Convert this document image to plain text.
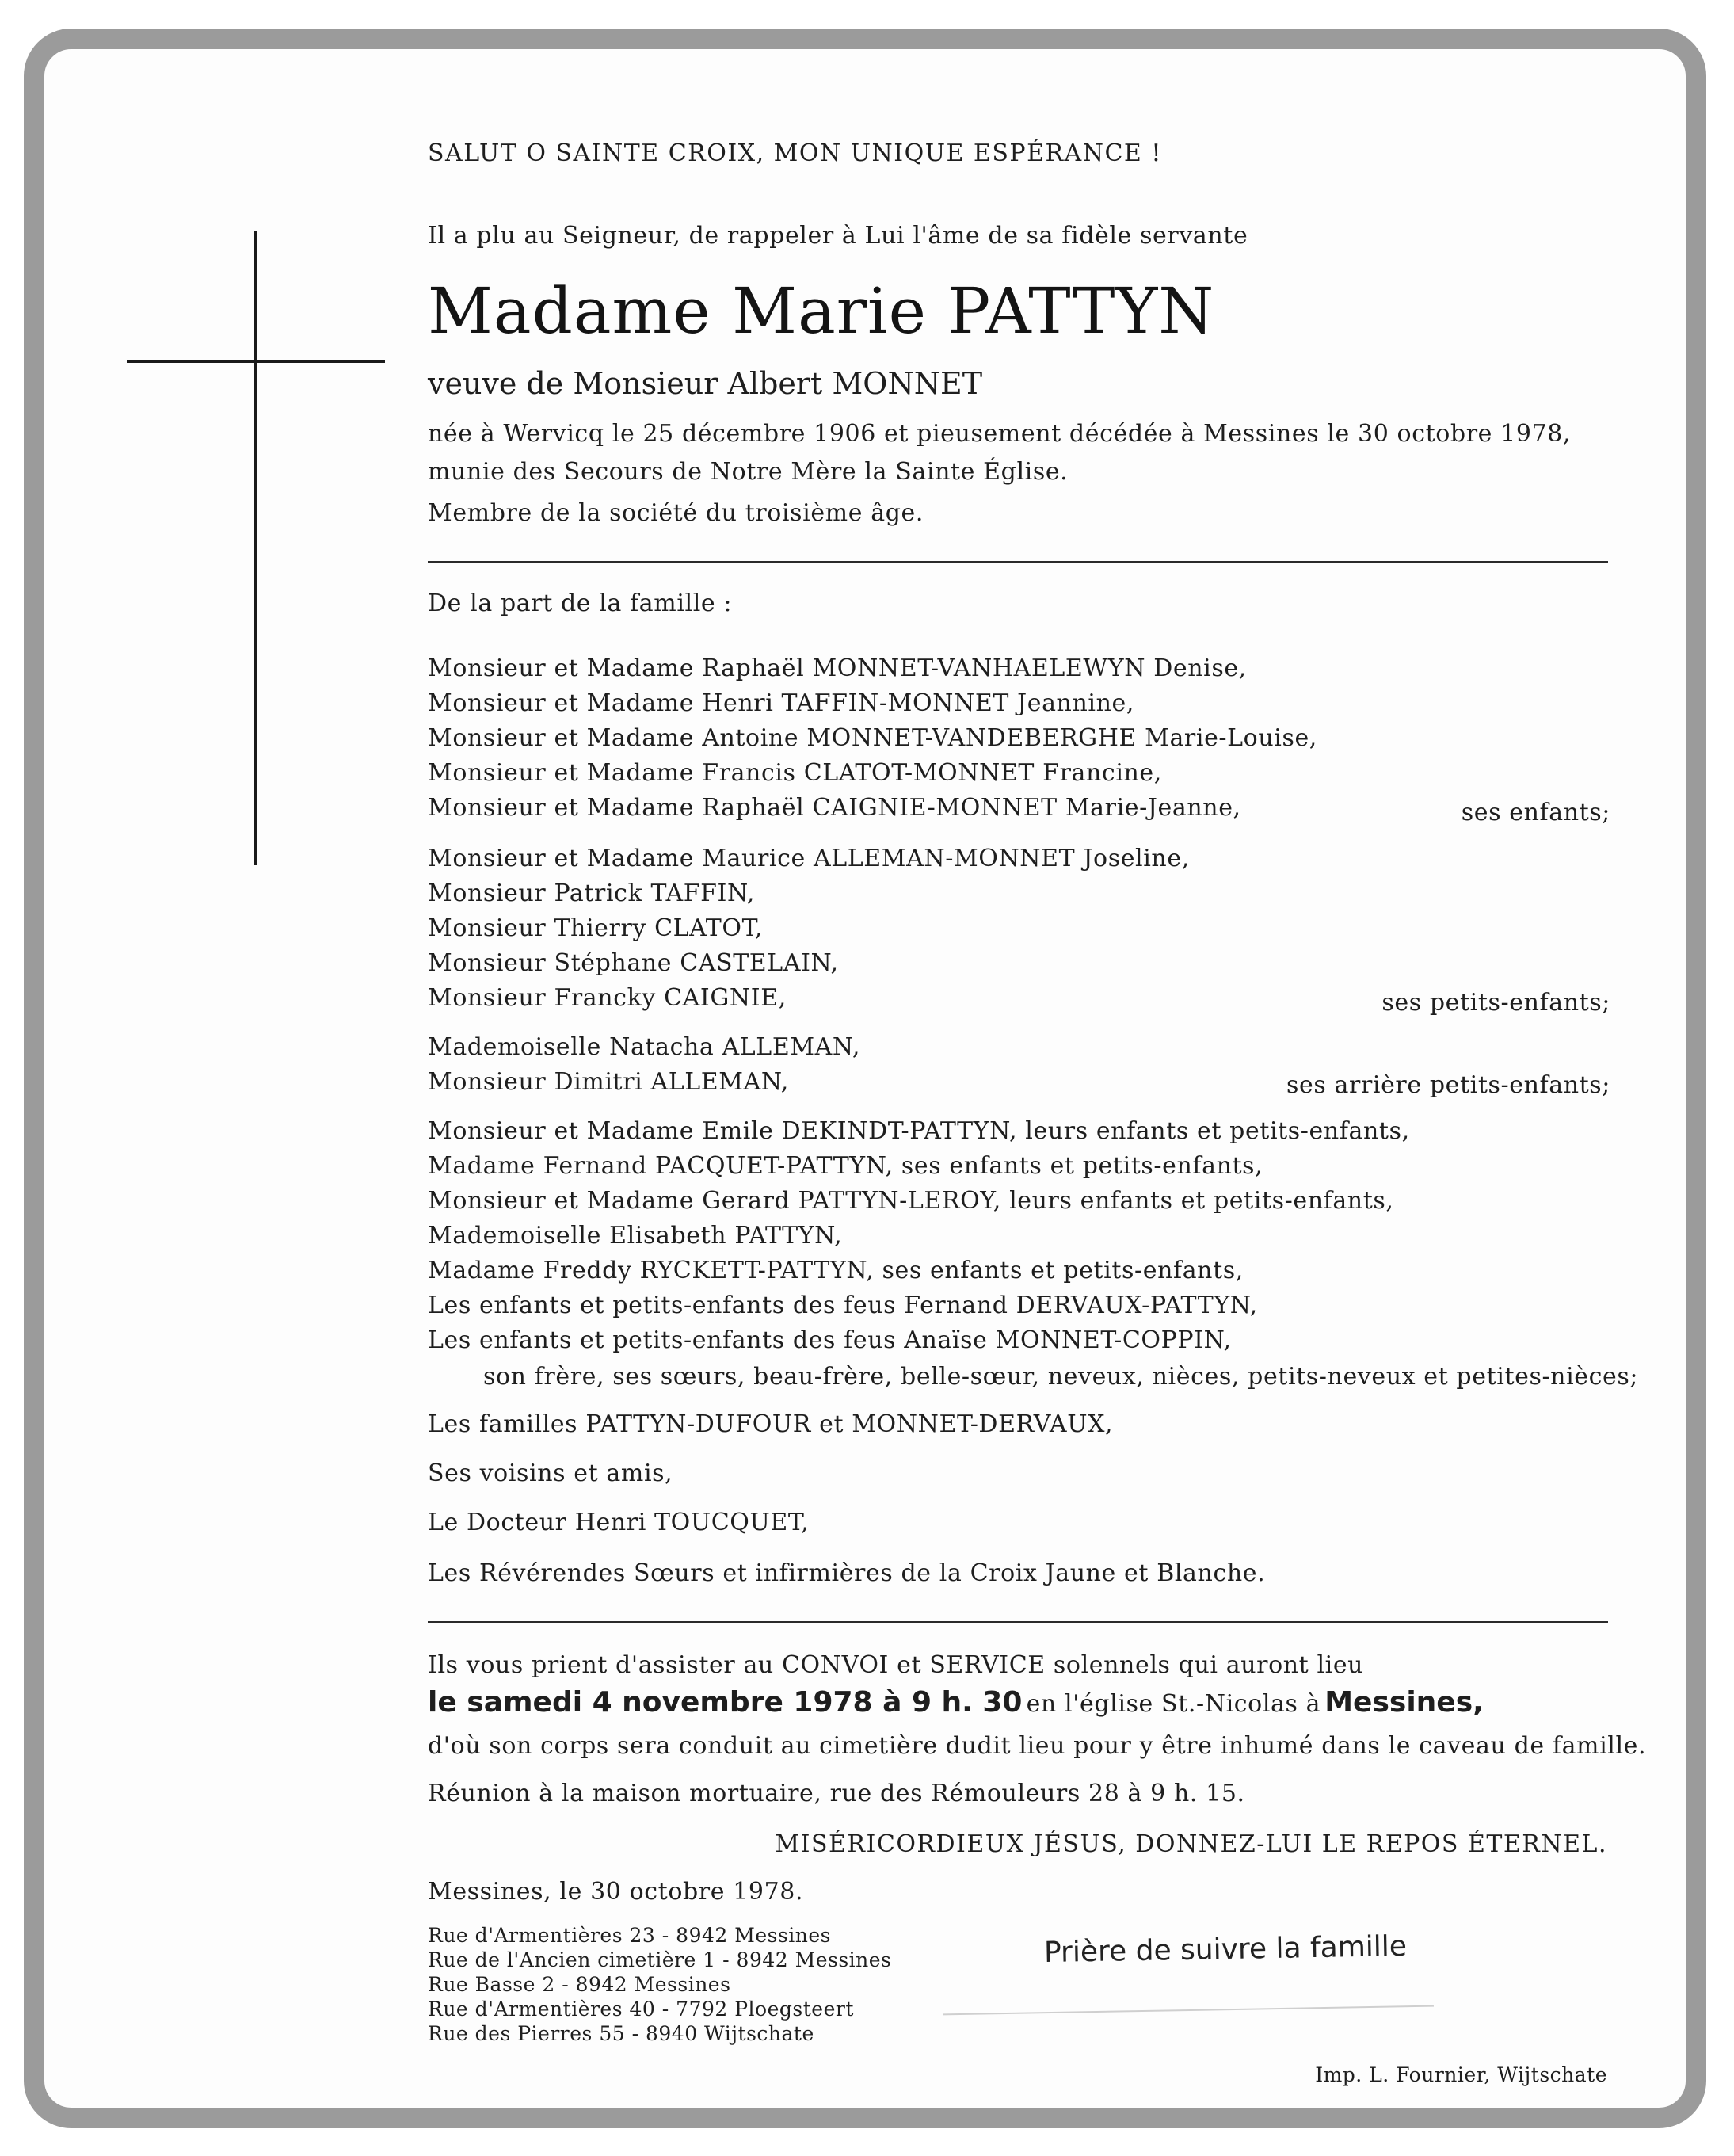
SALUT O SAINTE CROIX, MON UNIQUE ESPÉRANCE !
Il a plu au Seigneur, de rappeler à Lui l'âme de sa fidèle servante
Madame Marie PATTYN
veuve de Monsieur Albert MONNET
née à Wervicq le 25 décembre 1906 et pieusement décédée à Messines le 30 octobre 1978,
munie des Secours de Notre Mère la Sainte Église.
Membre de la société du troisième âge.
De la part de la famille :
Monsieur et Madame Raphaël MONNET-VANHAELEWYN Denise,
Monsieur et Madame Henri TAFFIN-MONNET Jeannine,
Monsieur et Madame Antoine MONNET-VANDEBERGHE Marie-Louise,
Monsieur et Madame Francis CLATOT-MONNET Francine,
Monsieur et Madame Raphaël CAIGNIE-MONNET Marie-Jeanne,	ses enfants;
Monsieur et Madame Maurice ALLEMAN-MONNET Joseline,
Monsieur Patrick TAFFIN,
Monsieur Thierry CLATOT,
Monsieur Stéphane CASTELAIN,
Monsieur Francky CAIGNIE,	ses petits-enfants;
Mademoiselle Natacha ALLEMAN,
Monsieur Dimitri ALLEMAN,	ses arrière petits-enfants;
Monsieur et Madame Emile DEKINDT-PATTYN, leurs enfants et petits-enfants,
Madame Fernand PACQUET-PATTYN, ses enfants et petits-enfants,
Monsieur et Madame Gerard PATTYN-LEROY, leurs enfants et petits-enfants,
Mademoiselle Elisabeth PATTYN,
Madame Freddy RYCKETT-PATTYN, ses enfants et petits-enfants,
Les enfants et petits-enfants des feus Fernand DERVAUX-PATTYN,
Les enfants et petits-enfants des feus Anaïse MONNET-COPPIN,
son frère, ses sœurs, beau-frère, belle-sœur, neveux, nièces, petits-neveux et petites-nièces;
Les familles PATTYN-DUFOUR et MONNET-DERVAUX,
Ses voisins et amis,
Le Docteur Henri TOUCQUET,
Les Révérendes Sœurs et infirmières de la Croix Jaune et Blanche.
Ils vous prient d'assister au CONVOI et SERVICE solennels qui auront lieu
le samedi 4 novembre 1978 à 9 h. 30 en l'église St.-Nicolas à Messines,
d'où son corps sera conduit au cimetière dudit lieu pour y être inhumé dans le caveau de famille.
Réunion à la maison mortuaire, rue des Rémouleurs 28 à 9 h. 15.
MISÉRICORDIEUX JÉSUS, DONNEZ-LUI LE REPOS ÉTERNEL.
Messines, le 30 octobre 1978.
Rue d'Armentières 23 - 8942 Messines
Rue de l'Ancien cimetière 1 - 8942 Messines
Rue Basse 2 - 8942 Messines
Rue d'Armentières 40 - 7792 Ploegsteert
Rue des Pierres 55 - 8940 Wijtschate
Prière de suivre la famille
Imp. L. Fournier, Wijtschate
